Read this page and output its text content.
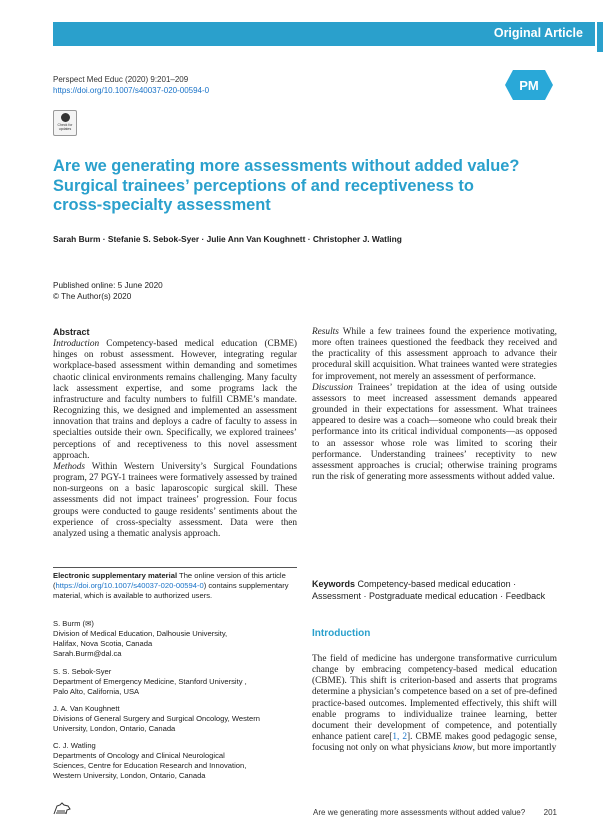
Original Article
Perspect Med Educ (2020) 9:201–209
https://doi.org/10.1007/s40037-020-00594-0
Check for updates
PM
Are we generating more assessments without added value?
Surgical trainees’ perceptions of and receptiveness to
cross-specialty assessment
Sarah Burm · Stefanie S. Sebok-Syer · Julie Ann Van Koughnett · Christopher J. Watling
Published online: 5 June 2020
© The Author(s) 2020

Abstract

Introduction Competency-based medical education (CBME) hinges on robust assessment. However, integrating regular workplace-based assessment within demanding and sometimes chaotic clinical environments remains challenging. Many faculty lack assessment expertise, and some programs lack the infrastructure and faculty numbers to fulfill CBME’s mandate. Recognizing this, we designed and implemented an assessment innovation that trains and deploys a cadre of faculty to assess in specialties outside their own. Specifically, we explored trainees’ perceptions of and receptiveness to this novel assessment approach.

Methods Within Western University’s Surgical Foundations program, 27 PGY-1 trainees were formatively assessed by trained non-surgeons on a basic laparoscopic surgical skill. These assessments did not impact trainees’ progression. Four focus groups were conducted to gauge residents’ sentiments about the experience of cross-specialty assessment. Data were then analyzed using a thematic analysis approach.

Results While a few trainees found the experience motivating, more often trainees questioned the feedback they received and the practicality of this assessment approach to advance their procedural skill acquisition. What trainees wanted were strategies for improvement, not merely an assessment of performance.

Discussion Trainees’ trepidation at the idea of using outside assessors to meet increased assessment demands appeared grounded in their expectations for assessment. What trainees appeared to desire was a coach—someone who could break their performance into its critical individual components—as opposed to an assessor whose role was limited to scoring their performance. Understanding trainees’ receptivity to new assessment approaches is crucial; otherwise training programs run the risk of generating more assessments without added value.

Electronic supplementary material The online version of this article (https://doi.org/10.1007/s40037-020-00594-0) contains supplementary material, which is available to authorized users.
S. Burm (✉)
Division of Medical Education, Dalhousie University,
Halifax, Nova Scotia, Canada
Sarah.Burm@dal.ca
S. S. Sebok-Syer
Department of Emergency Medicine, Stanford University ,
Palo Alto, California, USA
J. A. Van Koughnett
Divisions of General Surgery and Surgical Oncology, Western
University, London, Ontario, Canada
C. J. Watling
Departments of Oncology and Clinical Neurological
Sciences, Centre for Education Research and Innovation,
Western University, London, Ontario, Canada
Keywords Competency-based medical education · Assessment · Postgraduate medical education · Feedback
Introduction

The field of medicine has undergone transformative curriculum change by embracing competency-based medical education (CBME). This shift is criterion-based and asserts that programs determine a physician’s competence based on a set of pre-defined practice-based outcomes. Implemented effectively, this shift will enable programs to individualize trainee learning, better document their development of competence, and potentially enhance patient care[1, 2]. CBME makes good pedagogic sense, focusing not only on what physicians know, but more importantly

Are we generating more assessments without added value? 201
